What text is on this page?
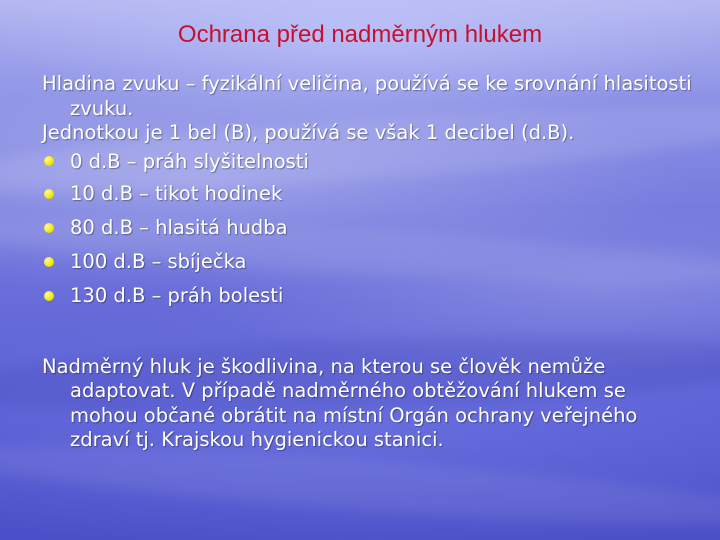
Ochrana před nadměrným hlukem

Hladina zvuku – fyzikální veličina, používá se ke srovnání hlasitosti zvuku.

Jednotkou je 1 bel (B), používá se však 1 decibel (d.B).

0 d.B – práh slyšitelnosti
10 d.B – tikot hodinek
80 d.B – hlasitá hudba
100 d.B – sbíječka
130 d.B – práh bolesti

Nadměrný hluk je škodlivina, na kterou se člověk nemůže adaptovat. V případě nadměrného obtěžování hlukem se mohou občané obrátit na místní Orgán ochrany veřejného zdraví tj. Krajskou hygienickou stanici.
